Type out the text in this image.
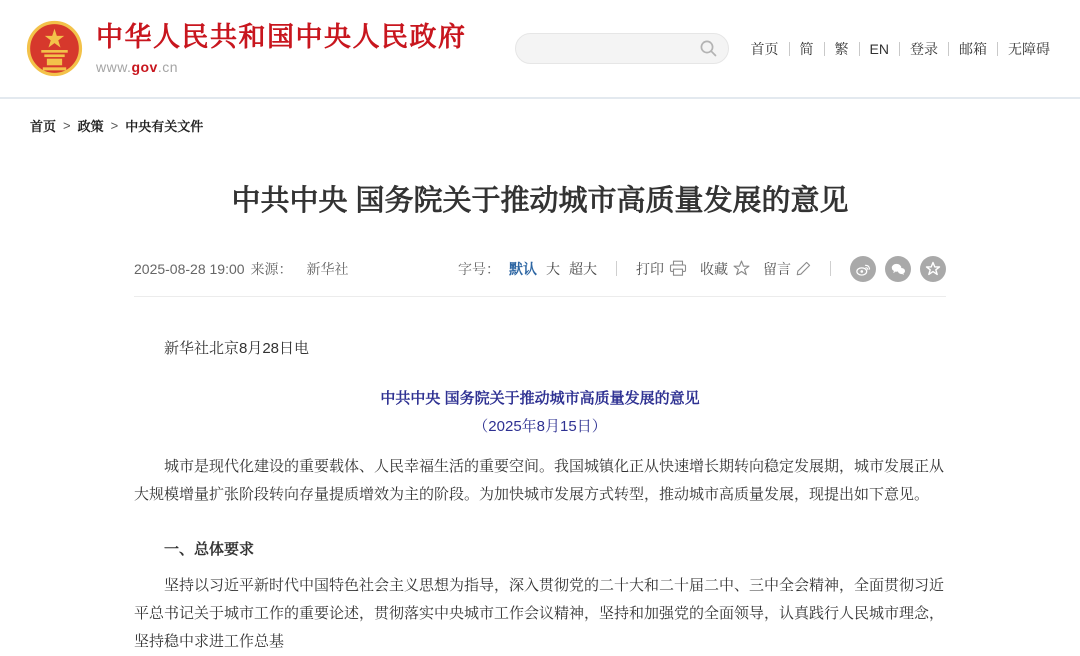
中华人民共和国中央人民政府
www.gov.cn
首页 简 繁 EN 登录 邮箱 无障碍
首页 > 政策 > 中央有关文件
中共中央 国务院关于推动城市高质量发展的意见
2025-08-28 19:00 来源： 新华社	字号： 默认 大 超大	打印	收藏	留言

新华社北京8月28日电

中共中央 国务院关于推动城市高质量发展的意见

（2025年8月15日）

城市是现代化建设的重要载体、人民幸福生活的重要空间。我国城镇化正从快速增长期转向稳定发展期，城市发展正从大规模增量扩张阶段转向存量提质增效为主的阶段。为加快城市发展方式转型，推动城市高质量发展，现提出如下意见。

一、总体要求

坚持以习近平新时代中国特色社会主义思想为指导，深入贯彻党的二十大和二十届二中、三中全会精神，全面贯彻习近平总书记关于城市工作的重要论述，贯彻落实中央城市工作会议精神，坚持和加强党的全面领导，认真践行人民城市理念，坚持稳中求进工作总基
